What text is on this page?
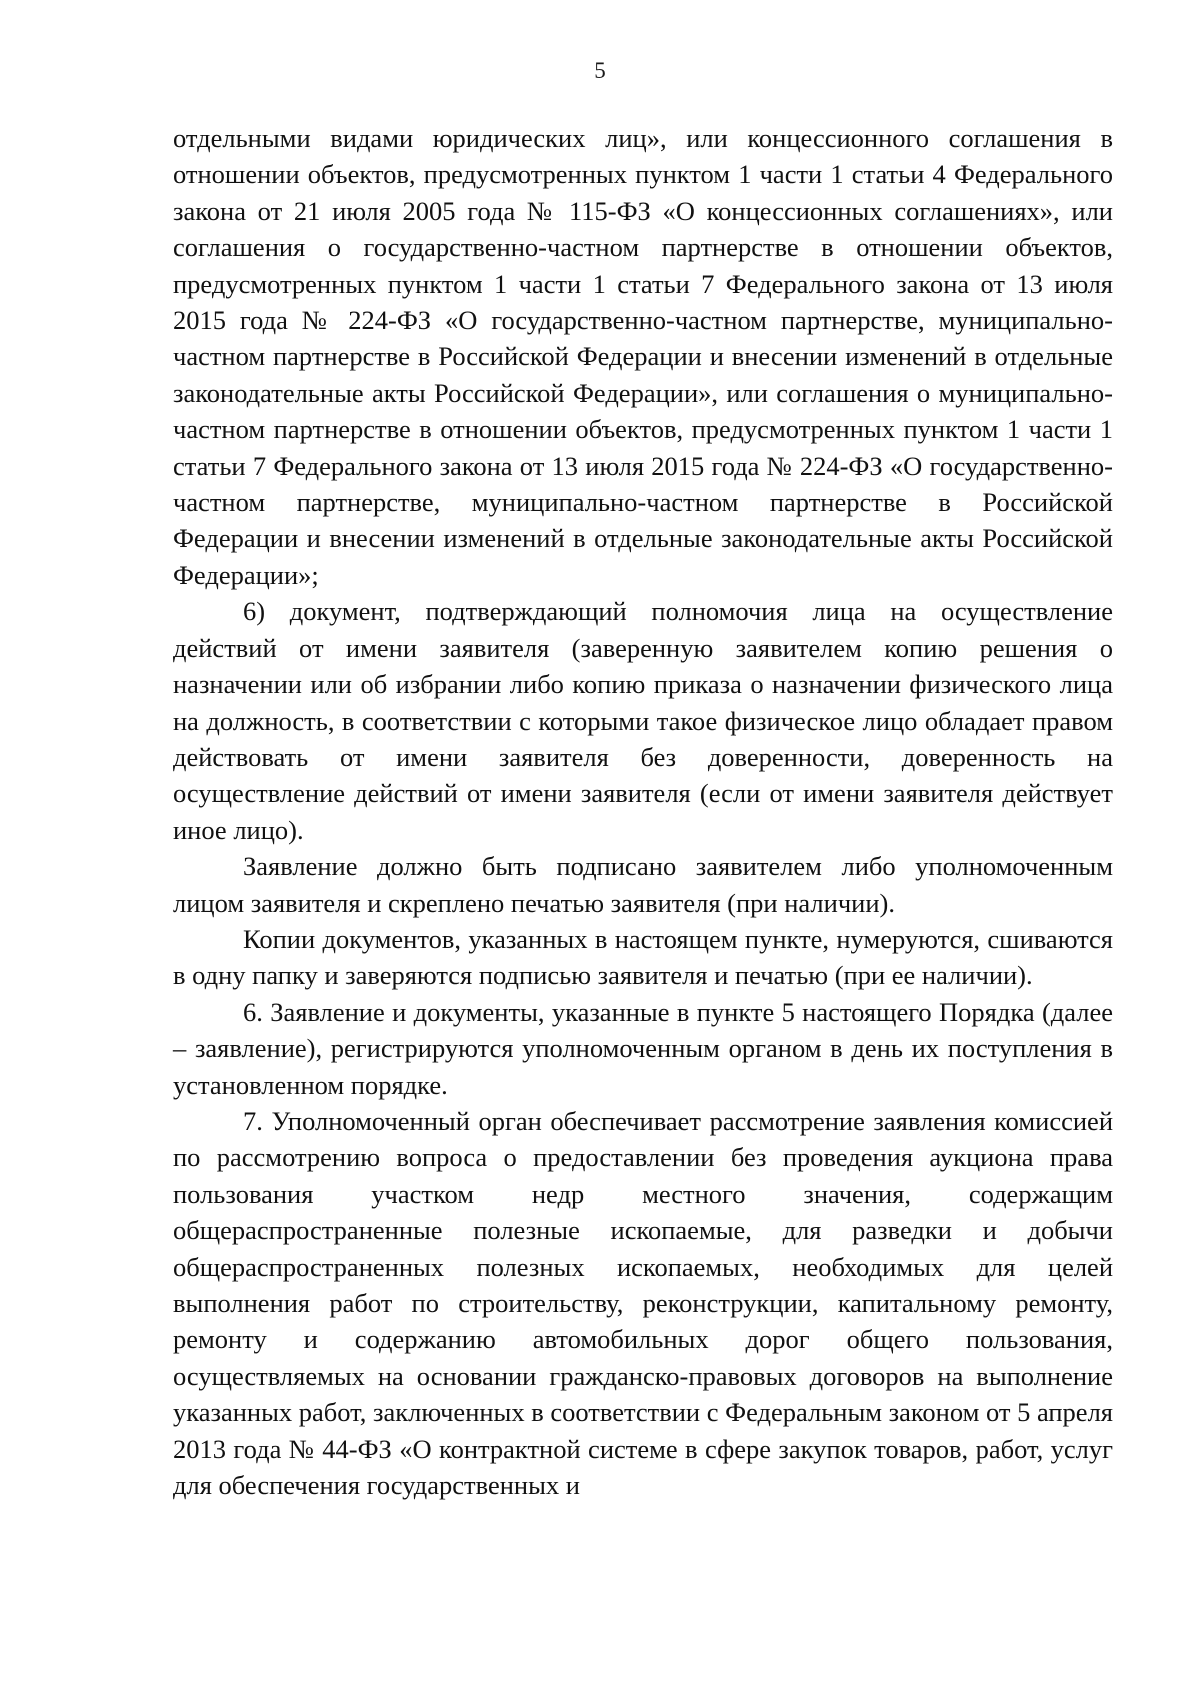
5

отдельными видами юридических лиц», или концессионного соглашения в отношении объектов, предусмотренных пунктом 1 части 1 статьи 4 Федерального закона от 21 июля 2005 года № 115-ФЗ «О концессионных соглашениях», или соглашения о государственно-частном партнерстве в отношении объектов, предусмотренных пунктом 1 части 1 статьи 7 Федерального закона от 13 июля 2015 года № 224-ФЗ «О государственно-частном партнерстве, муниципально-частном партнерстве в Российской Федерации и внесении изменений в отдельные законодательные акты Российской Федерации», или соглашения о муниципально-частном партнерстве в отношении объектов, предусмотренных пунктом 1 части 1 статьи 7 Федерального закона от 13 июля 2015 года № 224-ФЗ «О государственно-частном партнерстве, муниципально-частном партнерстве в Российской Федерации и внесении изменений в отдельные законодательные акты Российской Федерации»;

6) документ, подтверждающий полномочия лица на осуществление действий от имени заявителя (заверенную заявителем копию решения о назначении или об избрании либо копию приказа о назначении физического лица на должность, в соответствии с которыми такое физическое лицо обладает правом действовать от имени заявителя без доверенности, доверенность на осуществление действий от имени заявителя (если от имени заявителя действует иное лицо).

Заявление должно быть подписано заявителем либо уполномоченным лицом заявителя и скреплено печатью заявителя (при наличии).

Копии документов, указанных в настоящем пункте, нумеруются, сшиваются в одну папку и заверяются подписью заявителя и печатью (при ее наличии).

6. Заявление и документы, указанные в пункте 5 настоящего Порядка (далее – заявление), регистрируются уполномоченным органом в день их поступления в установленном порядке.

7. Уполномоченный орган обеспечивает рассмотрение заявления комиссией по рассмотрению вопроса о предоставлении без проведения аукциона права пользования участком недр местного значения, содержащим общераспространенные полезные ископаемые, для разведки и добычи общераспространенных полезных ископаемых, необходимых для целей выполнения работ по строительству, реконструкции, капитальному ремонту, ремонту и содержанию автомобильных дорог общего пользования, осуществляемых на основании гражданско-правовых договоров на выполнение указанных работ, заключенных в соответствии с Федеральным законом от 5 апреля 2013 года № 44-ФЗ «О контрактной системе в сфере закупок товаров, работ, услуг для обеспечения государственных и
